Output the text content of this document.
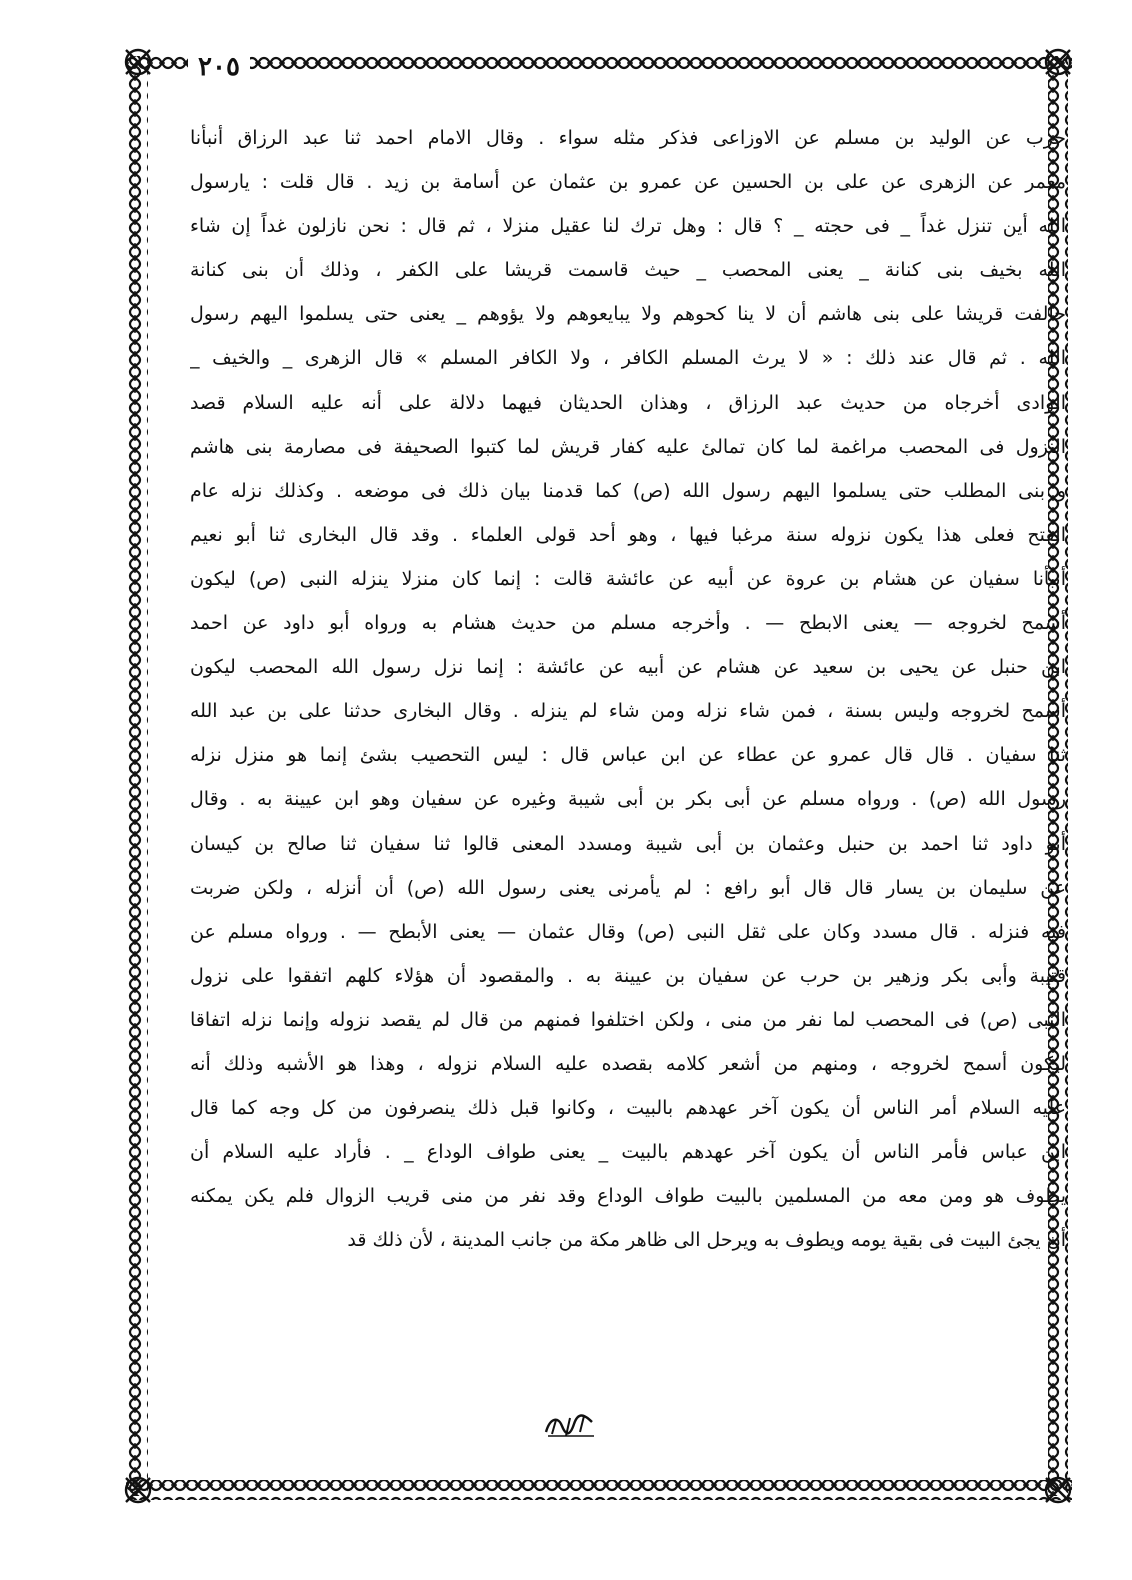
٢٠٥
حرب عن الوليد بن مسلم عن الاوزاعى فذكر مثله سواء . وقال الامام احمد ثنا عبد الرزاق أنبأنا
معمر عن الزهرى عن على بن الحسين عن عمرو بن عثمان عن أسامة بن زيد . قال قلت : يارسول
الله أين تنزل غداً _ فى حجته _ ؟ قال : وهل ترك لنا عقيل منزلا ، ثم قال : نحن نازلون غداً إن شاء
الله بخيف بنى كنانة _ يعنى المحصب _ حيث قاسمت قريشا على الكفر ، وذلك أن بنى كنانة
حالفت قريشا على بنى هاشم أن لا ينا كحوهم ولا يبايعوهم ولا يؤوهم _ يعنى حتى يسلموا اليهم رسول
الله . ثم قال عند ذلك : « لا يرث المسلم الكافر ، ولا الكافر المسلم » قال الزهرى _ والخيف _
الوادى أخرجاه من حديث عبد الرزاق ، وهذان الحديثان فيهما دلالة على أنه عليه السلام قصد
النزول فى المحصب مراغمة لما كان تمالئ عليه كفار قريش لما كتبوا الصحيفة فى مصارمة بنى هاشم
و بنى المطلب حتى يسلموا اليهم رسول الله (ص) كما قدمنا بيان ذلك فى موضعه . وكذلك نزله عام
الفتح فعلى هذا يكون نزوله سنة مرغبا فيها ، وهو أحد قولى العلماء . وقد قال البخارى ثنا أبو نعيم
أنبأنا سفيان عن هشام بن عروة عن أبيه عن عائشة قالت : إنما كان منزلا ينزله النبى (ص) ليكون
أسمح لخروجه — يعنى الابطح — . وأخرجه مسلم من حديث هشام به ورواه أبو داود عن احمد
ابن حنبل عن يحيى بن سعيد عن هشام عن أبيه عن عائشة : إنما نزل رسول الله المحصب ليكون
أسمح لخروجه وليس بسنة ، فمن شاء نزله ومن شاء لم ينزله . وقال البخارى حدثنا على بن عبد الله
ثنا سفيان . قال قال عمرو عن عطاء عن ابن عباس قال : ليس التحصيب بشئ إنما هو منزل نزله
رسول الله (ص) . ورواه مسلم عن أبى بكر بن أبى شيبة وغيره عن سفيان وهو ابن عيينة به . وقال
أبو داود ثنا احمد بن حنبل وعثمان بن أبى شيبة ومسدد المعنى قالوا ثنا سفيان ثنا صالح بن كيسان
عن سليمان بن يسار قال قال أبو رافع : لم يأمرنى يعنى رسول الله (ص) أن أنزله ، ولكن ضربت
فيه فنزله . قال مسدد وكان على ثقل النبى (ص) وقال عثمان — يعنى الأبطح — . ورواه مسلم عن
قتيبة وأبى بكر وزهير بن حرب عن سفيان بن عيينة به . والمقصود أن هؤلاء كلهم اتفقوا على نزول
النبى (ص) فى المحصب لما نفر من منى ، ولكن اختلفوا فمنهم من قال لم يقصد نزوله وإنما نزله اتفاقا
ليكون أسمح لخروجه ، ومنهم من أشعر كلامه بقصده عليه السلام نزوله ، وهذا هو الأشبه وذلك أنه
عليه السلام أمر الناس أن يكون آخر عهدهم بالبيت ، وكانوا قبل ذلك ينصرفون من كل وجه كما قال
ابن عباس فأمر الناس أن يكون آخر عهدهم بالبيت _ يعنى طواف الوداع _ . فأراد عليه السلام أن
يطوف هو ومن معه من المسلمين بالبيت طواف الوداع وقد نفر من منى قريب الزوال فلم يكن يمكنه
أن يجئ البيت فى بقية يومه ويطوف به ويرحل الى ظاهر مكة من جانب المدينة ، لأن ذلك قد
